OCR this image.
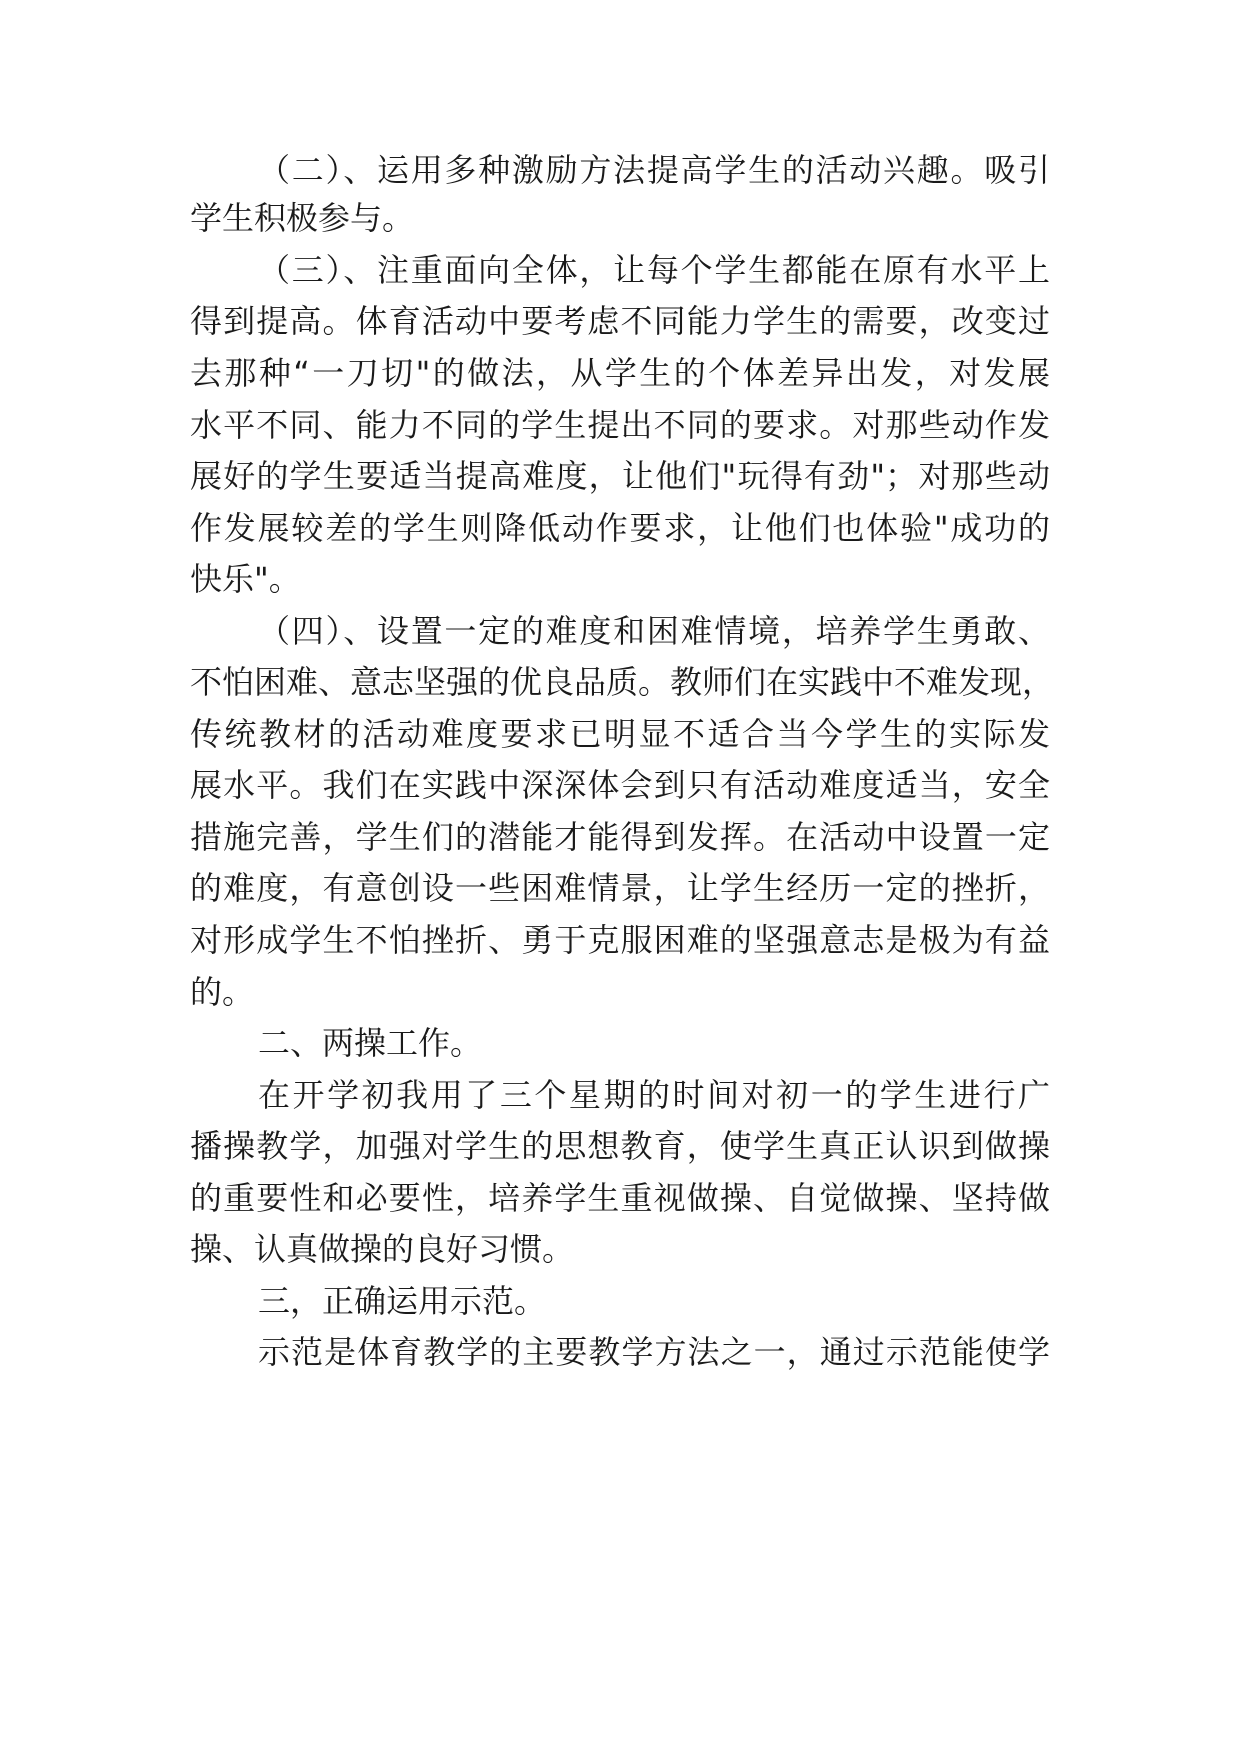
（二）、运用多种激励方法提高学生的活动兴趣。吸引
学生积极参与。
（三）、注重面向全体，让每个学生都能在原有水平上
得到提高。体育活动中要考虑不同能力学生的需要，改变过
去那种“一刀切"的做法，从学生的个体差异出发，对发展
水平不同、能力不同的学生提出不同的要求。对那些动作发
展好的学生要适当提高难度，让他们"玩得有劲"；对那些动
作发展较差的学生则降低动作要求，让他们也体验"成功的
快乐"。
（四）、设置一定的难度和困难情境，培养学生勇敢、
不怕困难、意志坚强的优良品质。教师们在实践中不难发现，
传统教材的活动难度要求已明显不适合当今学生的实际发
展水平。我们在实践中深深体会到只有活动难度适当，安全
措施完善，学生们的潜能才能得到发挥。在活动中设置一定
的难度，有意创设一些困难情景，让学生经历一定的挫折，
对形成学生不怕挫折、勇于克服困难的坚强意志是极为有益
的。
二、两操工作。
在开学初我用了三个星期的时间对初一的学生进行广
播操教学，加强对学生的思想教育，使学生真正认识到做操
的重要性和必要性，培养学生重视做操、自觉做操、坚持做
操、认真做操的良好习惯。
三，正确运用示范。
示范是体育教学的主要教学方法之一，通过示范能使学
